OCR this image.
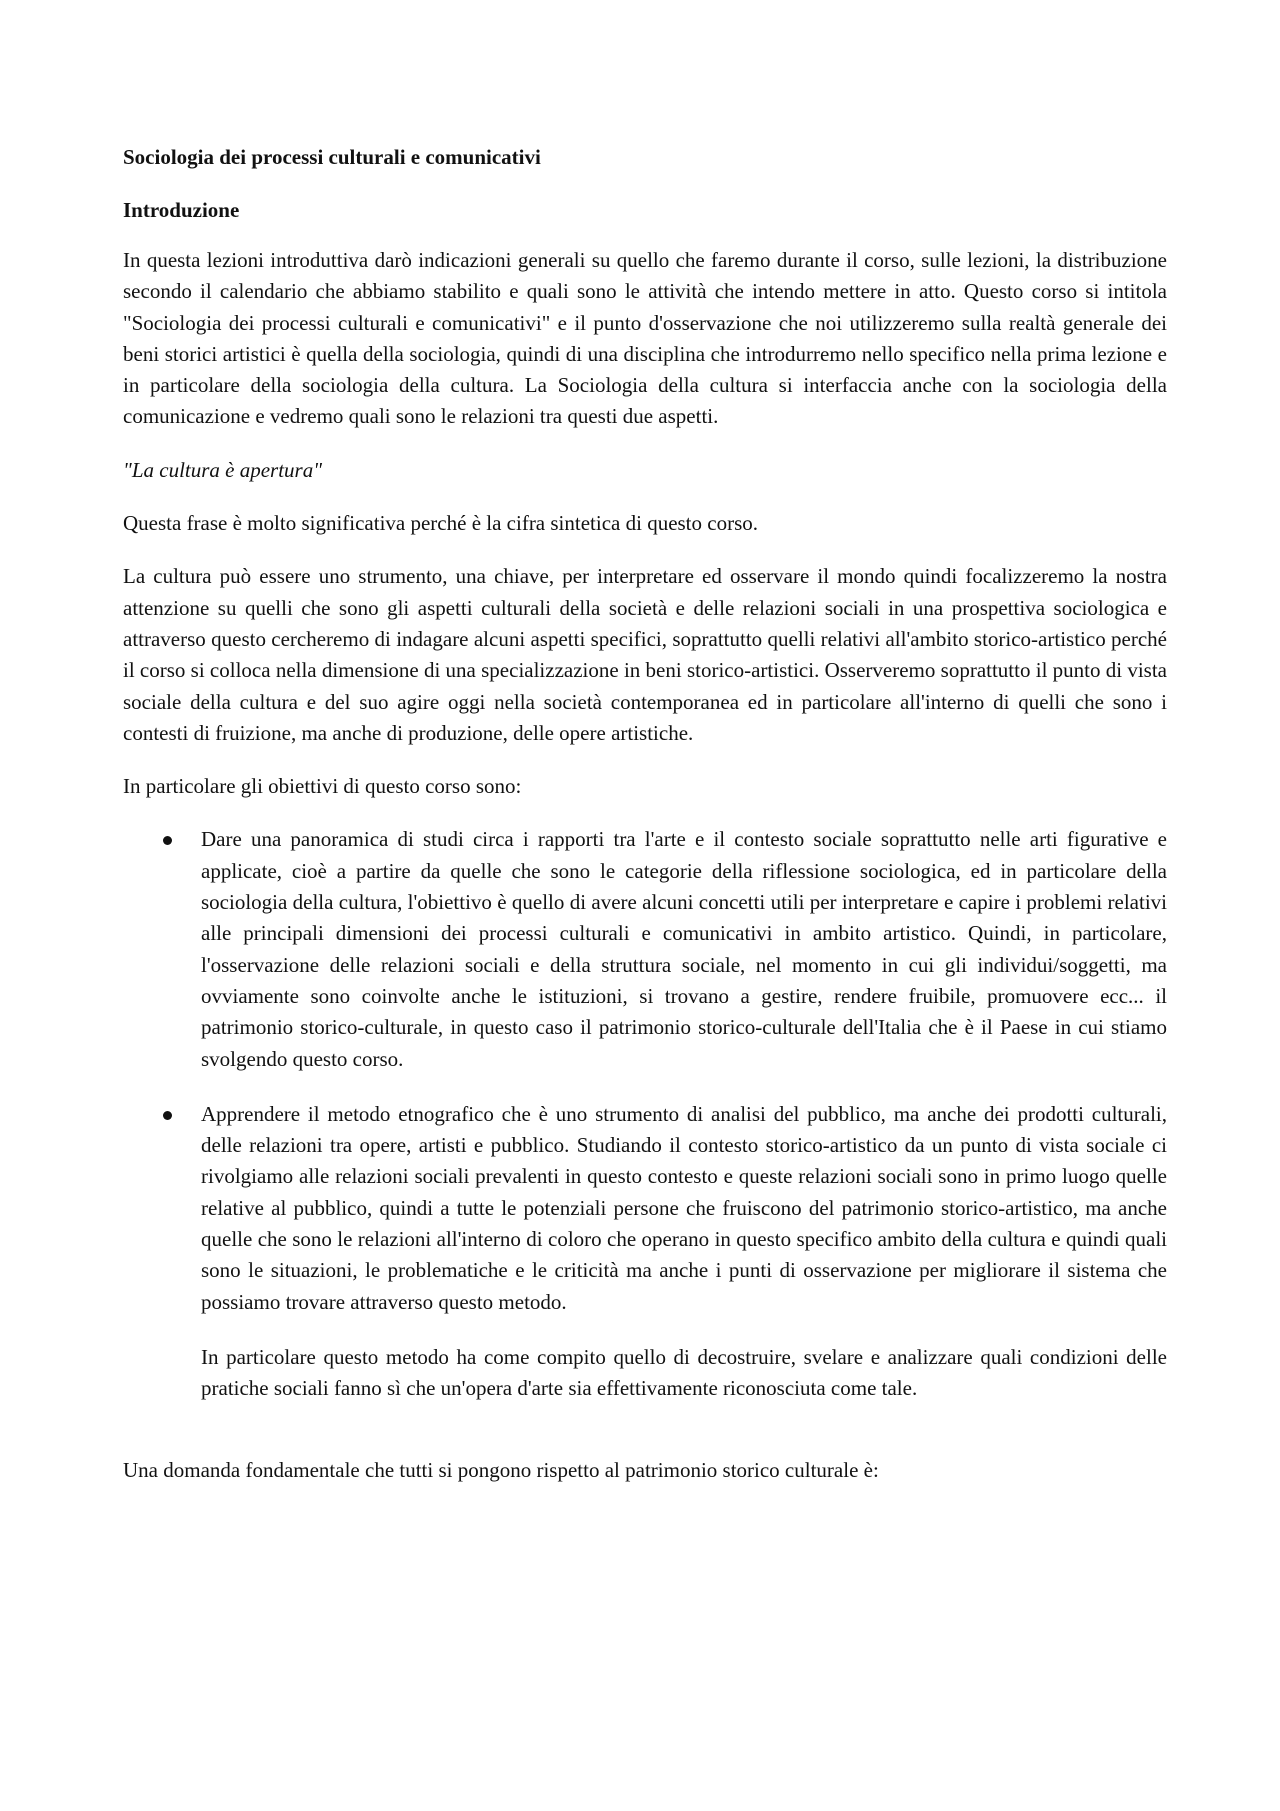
Sociologia dei processi culturali e comunicativi
Introduzione

In questa lezioni introduttiva darò indicazioni generali su quello che faremo durante il corso, sulle lezioni, la distribuzione secondo il calendario che abbiamo stabilito e quali sono le attività che intendo mettere in atto. Questo corso si intitola "Sociologia dei processi culturali e comunicativi" e il punto d'osservazione che noi utilizzeremo sulla realtà generale dei beni storici artistici è quella della sociologia, quindi di una disciplina che introdurremo nello specifico nella prima lezione e in particolare della sociologia della cultura. La Sociologia della cultura si interfaccia anche con la sociologia della comunicazione e vedremo quali sono le relazioni tra questi due aspetti.

"La cultura è apertura"

Questa frase è molto significativa perché è la cifra sintetica di questo corso.

La cultura può essere uno strumento, una chiave, per interpretare ed osservare il mondo quindi focalizzeremo la nostra attenzione su quelli che sono gli aspetti culturali della società e delle relazioni sociali in una prospettiva sociologica e attraverso questo cercheremo di indagare alcuni aspetti specifici, soprattutto quelli relativi all'ambito storico-artistico perché il corso si colloca nella dimensione di una specializzazione in beni storico-artistici. Osserveremo soprattutto il punto di vista sociale della cultura e del suo agire oggi nella società contemporanea ed in particolare all'interno di quelli che sono i contesti di fruizione, ma anche di produzione, delle opere artistiche.

In particolare gli obiettivi di questo corso sono:

Dare una panoramica di studi circa i rapporti tra l'arte e il contesto sociale soprattutto nelle arti figurative e applicate, cioè a partire da quelle che sono le categorie della riflessione sociologica, ed in particolare della sociologia della cultura, l'obiettivo è quello di avere alcuni concetti utili per interpretare e capire i problemi relativi alle principali dimensioni dei processi culturali e comunicativi in ambito artistico. Quindi, in particolare, l'osservazione delle relazioni sociali e della struttura sociale, nel momento in cui gli individui/soggetti, ma ovviamente sono coinvolte anche le istituzioni, si trovano a gestire, rendere fruibile, promuovere ecc... il patrimonio storico-culturale, in questo caso il patrimonio storico-culturale dell'Italia che è il Paese in cui stiamo svolgendo questo corso.

Apprendere il metodo etnografico che è uno strumento di analisi del pubblico, ma anche dei prodotti culturali, delle relazioni tra opere, artisti e pubblico. Studiando il contesto storico-artistico da un punto di vista sociale ci rivolgiamo alle relazioni sociali prevalenti in questo contesto e queste relazioni sociali sono in primo luogo quelle relative al pubblico, quindi a tutte le potenziali persone che fruiscono del patrimonio storico-artistico, ma anche quelle che sono le relazioni all'interno di coloro che operano in questo specifico ambito della cultura e quindi quali sono le situazioni, le problematiche e le criticità ma anche i punti di osservazione per migliorare il sistema che possiamo trovare attraverso questo metodo.

In particolare questo metodo ha come compito quello di decostruire, svelare e analizzare quali condizioni delle pratiche sociali fanno sì che un'opera d'arte sia effettivamente riconosciuta come tale.

Una domanda fondamentale che tutti si pongono rispetto al patrimonio storico culturale è:
